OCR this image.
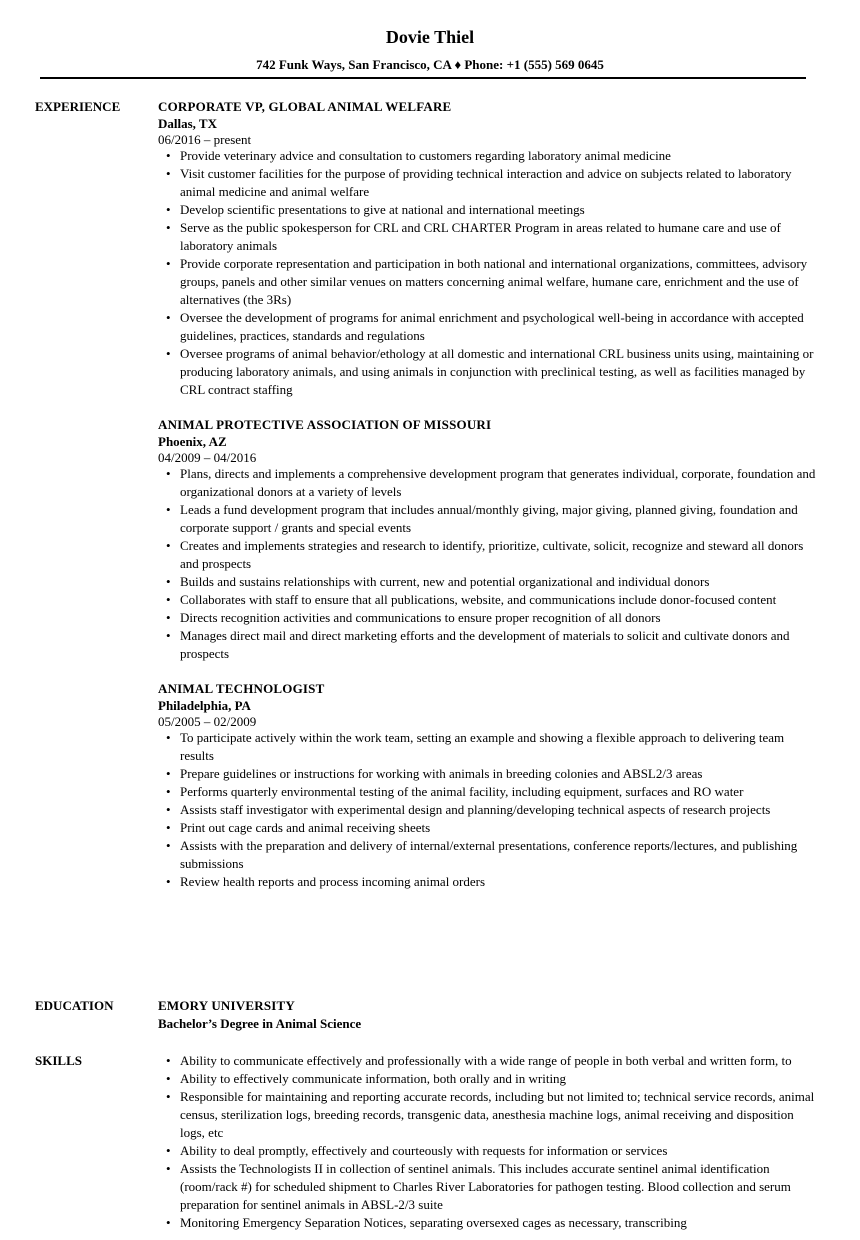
Dovie Thiel
742 Funk Ways, San Francisco, CA ♦ Phone: +1 (555) 569 0645
EXPERIENCE	CORPORATE VP, GLOBAL ANIMAL WELFARE
Dallas, TX
06/2016 – present
• Provide veterinary advice and consultation to customers regarding laboratory animal medicine
• Visit customer facilities for the purpose of providing technical interaction and advice on subjects related to laboratory animal medicine and animal welfare
• Develop scientific presentations to give at national and international meetings
• Serve as the public spokesperson for CRL and CRL CHARTER Program in areas related to humane care and use of laboratory animals
• Provide corporate representation and participation in both national and international organizations, committees, advisory groups, panels and other similar venues on matters concerning animal welfare, humane care, enrichment and the use of alternatives (the 3Rs)
• Oversee the development of programs for animal enrichment and psychological well-being in accordance with accepted guidelines, practices, standards and regulations
• Oversee programs of animal behavior/ethology at all domestic and international CRL business units using, maintaining or producing laboratory animals, and using animals in conjunction with preclinical testing, as well as facilities managed by CRL contract staffing
ANIMAL PROTECTIVE ASSOCIATION OF MISSOURI
Phoenix, AZ
04/2009 – 04/2016
• Plans, directs and implements a comprehensive development program that generates individual, corporate, foundation and organizational donors at a variety of levels
• Leads a fund development program that includes annual/monthly giving, major giving, planned giving, foundation and corporate support / grants and special events
• Creates and implements strategies and research to identify, prioritize, cultivate, solicit, recognize and steward all donors and prospects
• Builds and sustains relationships with current, new and potential organizational and individual donors
• Collaborates with staff to ensure that all publications, website, and communications include donor-focused content
• Directs recognition activities and communications to ensure proper recognition of all donors
• Manages direct mail and direct marketing efforts and the development of materials to solicit and cultivate donors and prospects
ANIMAL TECHNOLOGIST
Philadelphia, PA
05/2005 – 02/2009
• To participate actively within the work team, setting an example and showing a flexible approach to delivering team results
• Prepare guidelines or instructions for working with animals in breeding colonies and ABSL2/3 areas
• Performs quarterly environmental testing of the animal facility, including equipment, surfaces and RO water
• Assists staff investigator with experimental design and planning/developing technical aspects of research projects
• Print out cage cards and animal receiving sheets
• Assists with the preparation and delivery of internal/external presentations, conference reports/lectures, and publishing submissions
• Review health reports and process incoming animal orders
EDUCATION	EMORY UNIVERSITY
Bachelor’s Degree in Animal Science
SKILLS
•	Ability to communicate effectively and professionally with a wide range of people in both verbal and written form, to
• Ability to effectively communicate information, both orally and in writing
• Responsible for maintaining and reporting accurate records, including but not limited to; technical service records, animal census, sterilization logs, breeding records, transgenic data, anesthesia machine logs, animal receiving and disposition logs, etc
• Ability to deal promptly, effectively and courteously with requests for information or services
• Assists the Technologists II in collection of sentinel animals. This includes accurate sentinel animal identification (room/rack #) for scheduled shipment to Charles River Laboratories for pathogen testing. Blood collection and serum preparation for sentinel animals in ABSL-2/3 suite
• Monitoring Emergency Separation Notices, separating oversexed cages as necessary, transcribing
